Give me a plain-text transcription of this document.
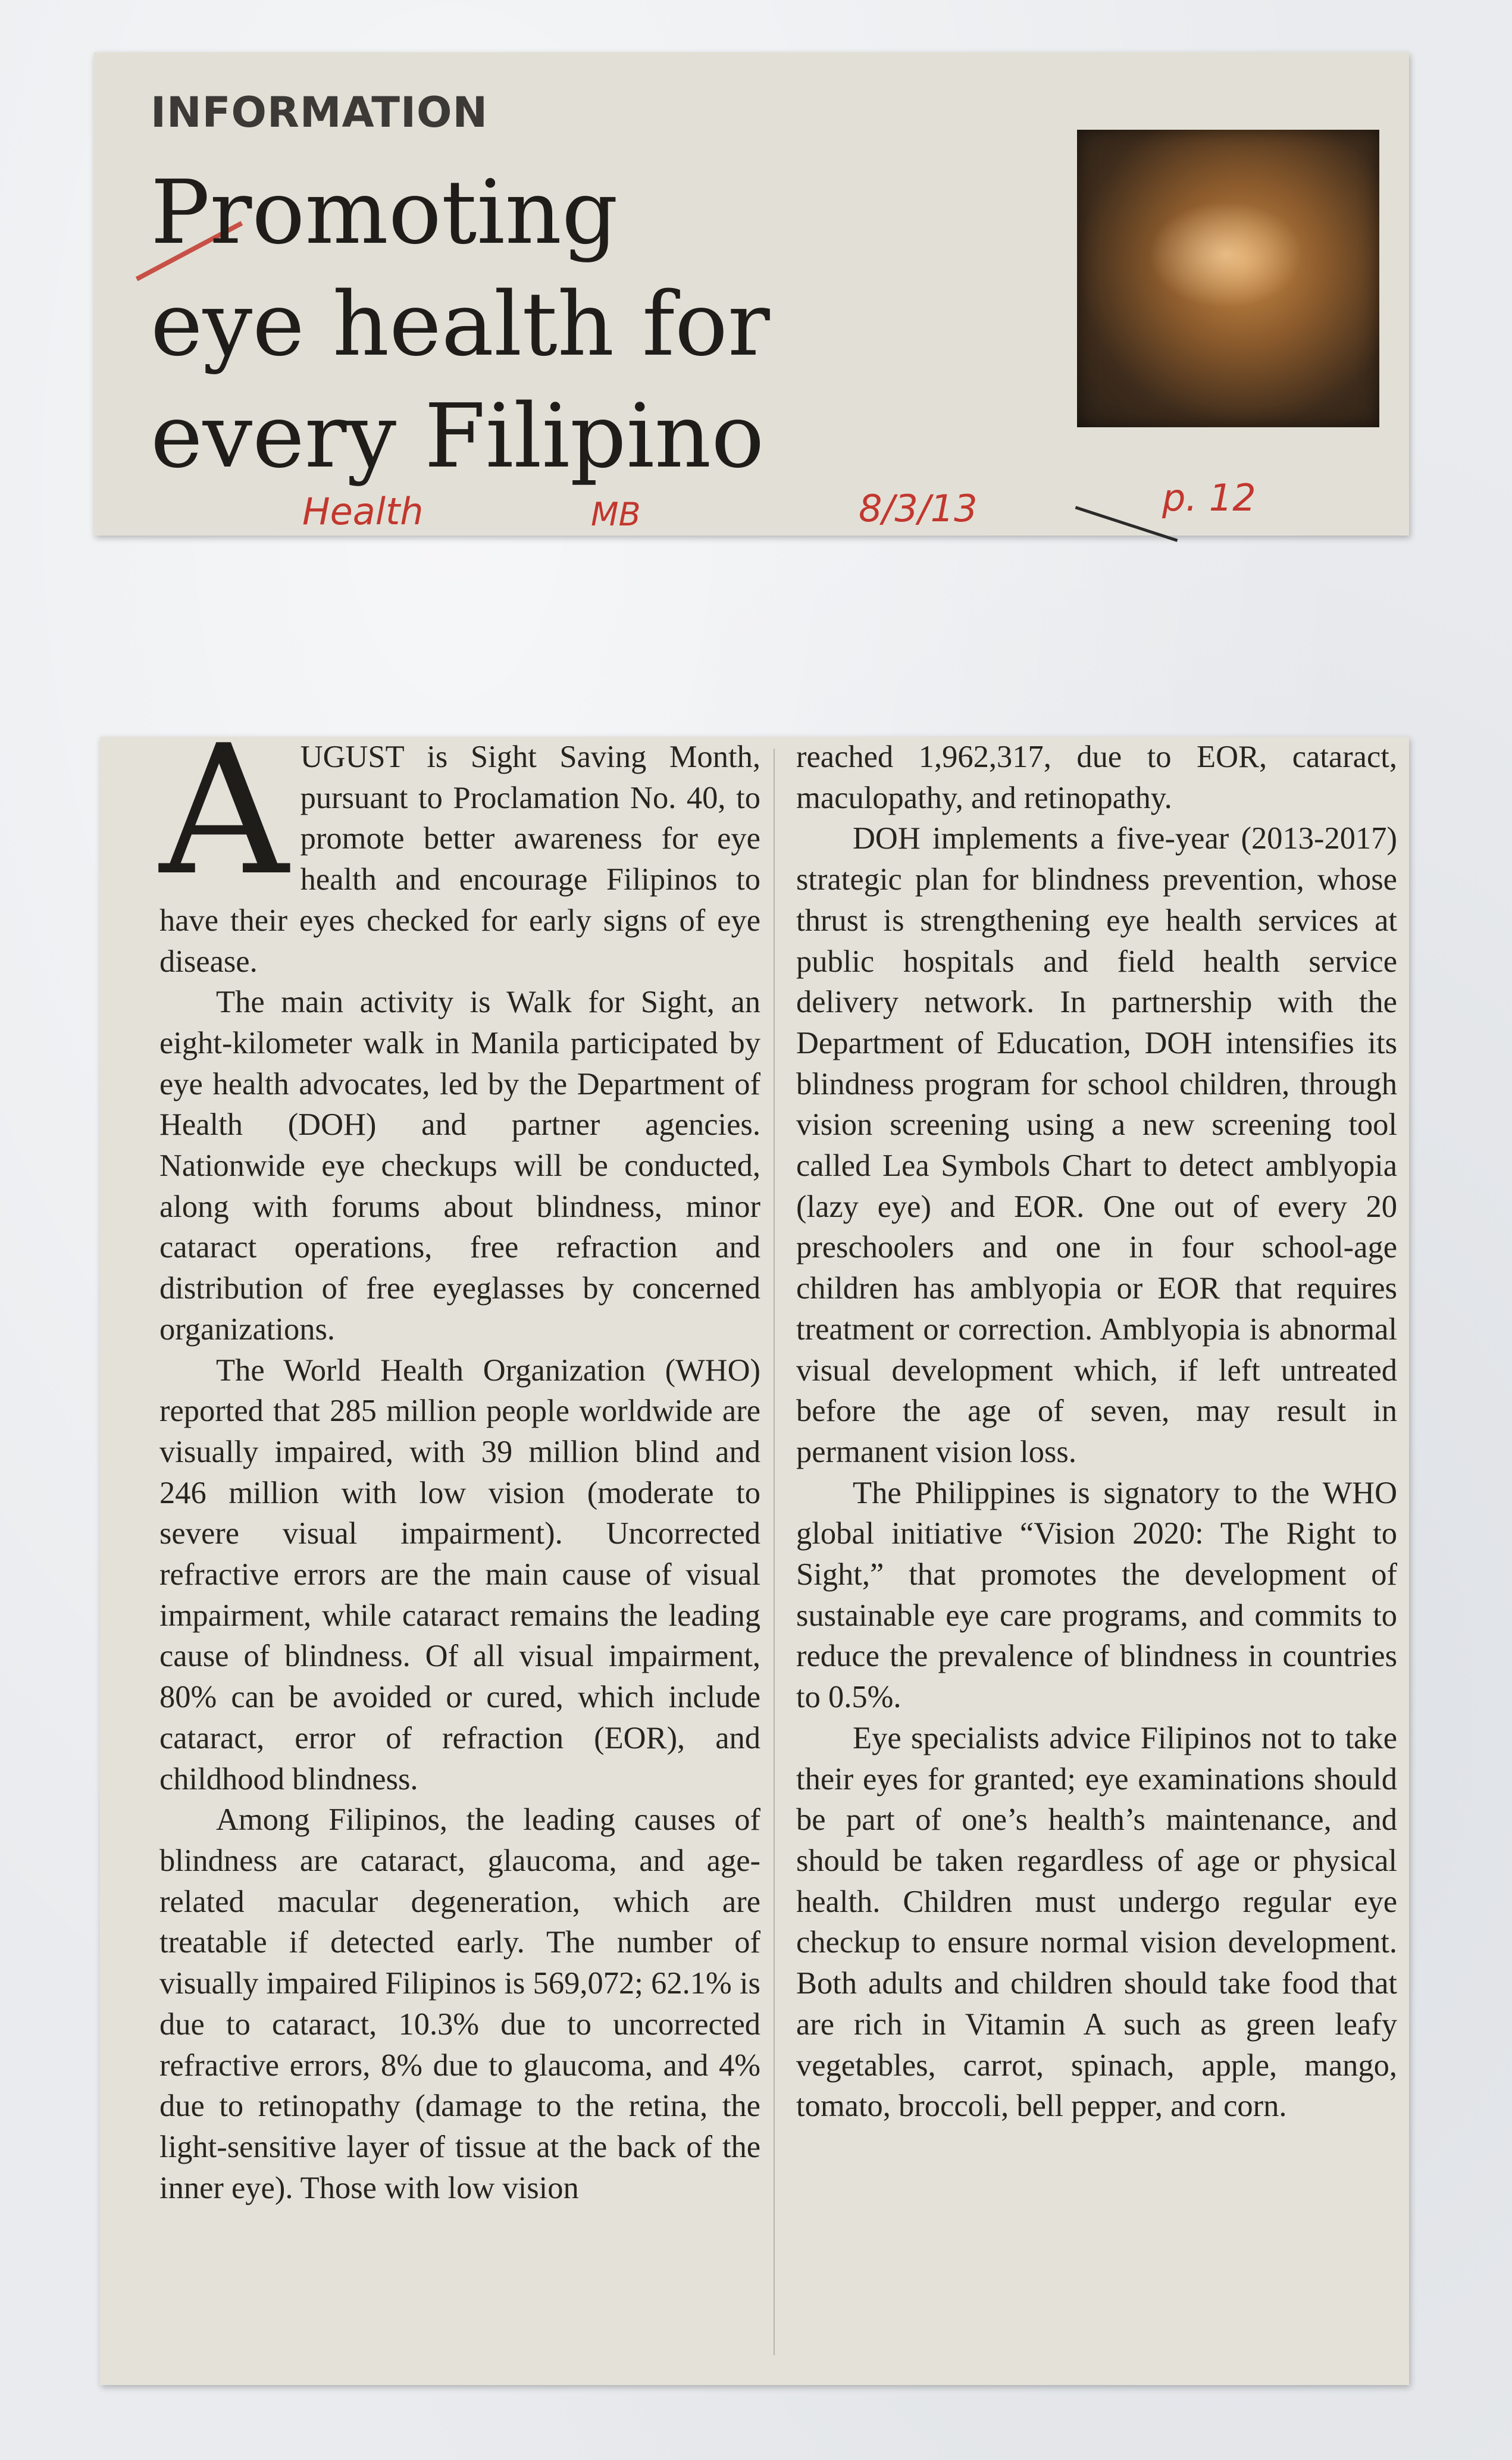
INFORMATION
Promoting
eye health for
every Filipino
Health	MB	8/3/13	p. 12

AUGUST is Sight Saving Month, pursuant to Proclamation No. 40, to promote better awareness for eye health and encourage Filipinos to have their eyes checked for early signs of eye disease.

The main activity is Walk for Sight, an eight-kilometer walk in Manila participated by eye health advocates, led by the Department of Health (DOH) and partner agencies. Nationwide eye checkups will be conducted, along with forums about blindness, minor cataract operations, free refraction and distribution of free eyeglasses by concerned organizations.

The World Health Organization (WHO) reported that 285 million people worldwide are visually impaired, with 39 million blind and 246 million with low vision (moderate to severe visual impairment). Uncorrected refractive errors are the main cause of visual impairment, while cataract remains the leading cause of blindness. Of all visual impairment, 80% can be avoided or cured, which include cataract, error of refraction (EOR), and childhood blindness.

Among Filipinos, the leading causes of blindness are cataract, glaucoma, and age-related macular degeneration, which are treatable if detected early. The number of visually impaired Filipinos is 569,072; 62.1% is due to cataract, 10.3% due to uncorrected refractive errors, 8% due to glaucoma, and 4% due to retinopathy (damage to the retina, the light-sensitive layer of tissue at the back of the inner eye). Those with low vision

reached 1,962,317, due to EOR, cataract, maculopathy, and retinopathy.

DOH implements a five-year (2013-2017) strategic plan for blindness prevention, whose thrust is strengthening eye health services at public hospitals and field health service delivery network. In partnership with the Department of Education, DOH intensifies its blindness program for school children, through vision screening using a new screening tool called Lea Symbols Chart to detect amblyopia (lazy eye) and EOR. One out of every 20 preschoolers and one in four school-age children has amblyopia or EOR that requires treatment or correction. Amblyopia is abnormal visual development which, if left untreated before the age of seven, may result in permanent vision loss.

The Philippines is signatory to the WHO global initiative “Vision 2020: The Right to Sight,” that promotes the development of sustainable eye care programs, and commits to reduce the prevalence of blindness in countries to 0.5%.

Eye specialists advice Filipinos not to take their eyes for granted; eye examinations should be part of one’s health’s maintenance, and should be taken regardless of age or physical health. Children must undergo regular eye checkup to ensure normal vision development. Both adults and children should take food that are rich in Vitamin A such as green leafy vegetables, carrot, spinach, apple, mango, tomato, broccoli, bell pepper, and corn.
